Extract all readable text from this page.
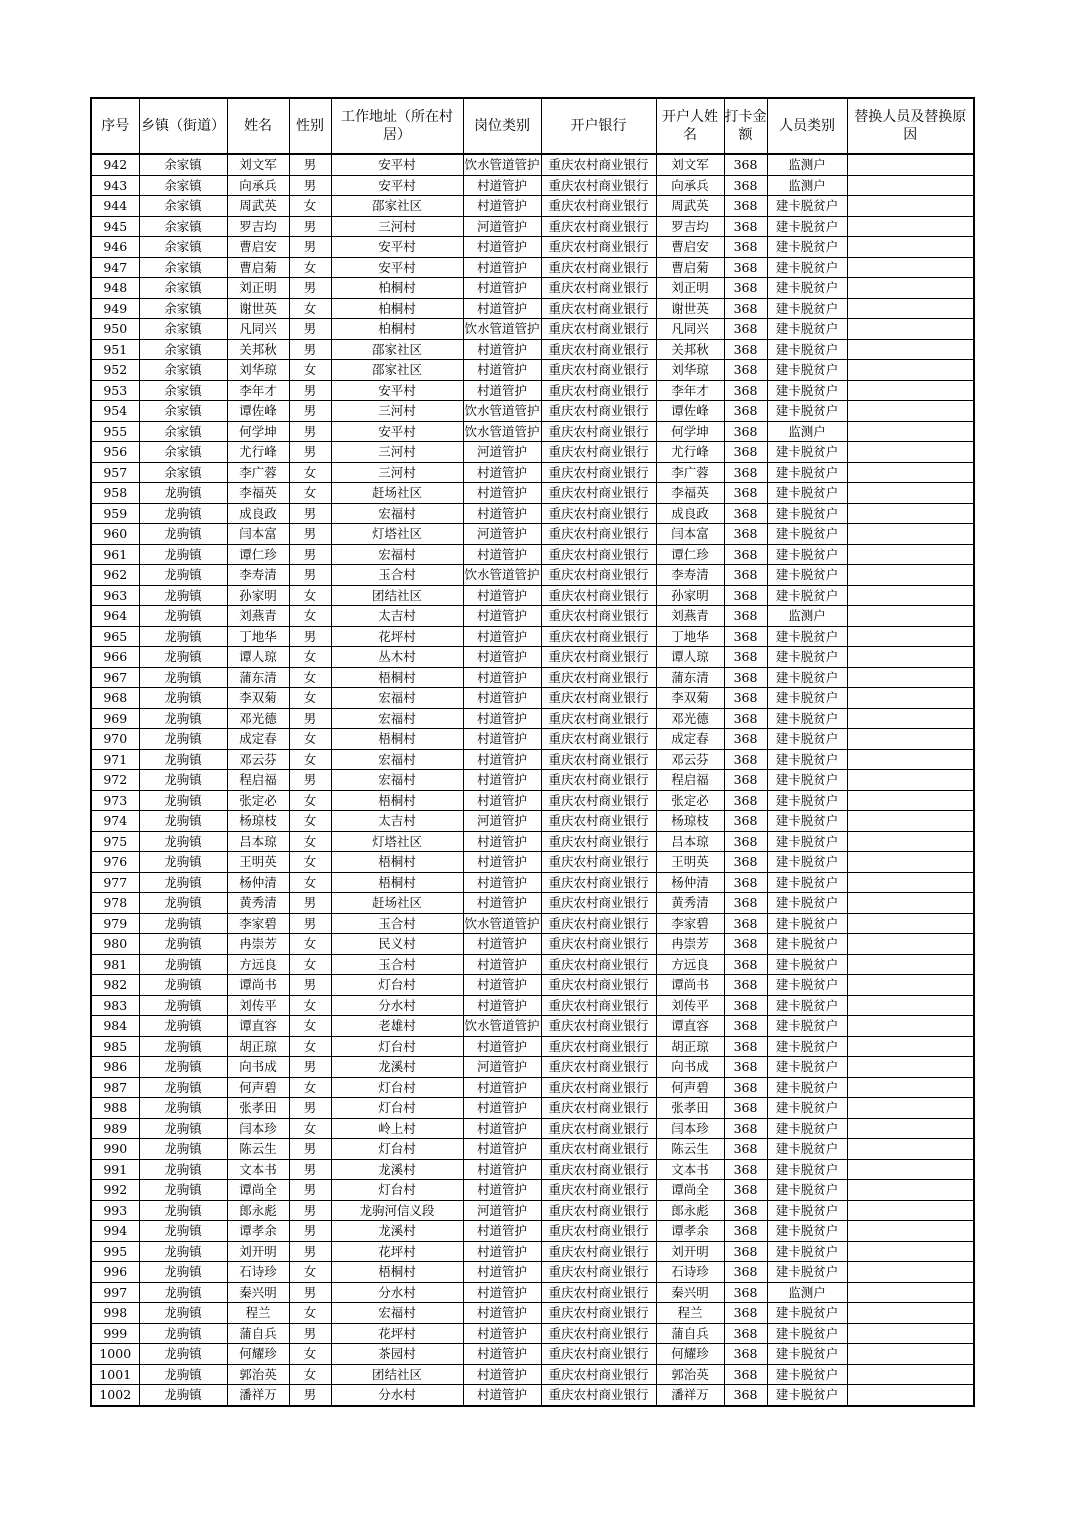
序号	乡镇（街道）	姓名	性别	工作地址（所在村居）	岗位类别	开户银行	开户人姓名	打卡金额	人员类别	替换人员及替换原因
942	余家镇	刘文军	男	安平村	饮水管道管护	重庆农村商业银行	刘文军	368	监测户	
943	余家镇	向承兵	男	安平村	村道管护	重庆农村商业银行	向承兵	368	监测户	
944	余家镇	周武英	女	邵家社区	村道管护	重庆农村商业银行	周武英	368	建卡脱贫户	
945	余家镇	罗吉均	男	三河村	河道管护	重庆农村商业银行	罗吉均	368	建卡脱贫户	
946	余家镇	曹启安	男	安平村	村道管护	重庆农村商业银行	曹启安	368	建卡脱贫户	
947	余家镇	曹启菊	女	安平村	村道管护	重庆农村商业银行	曹启菊	368	建卡脱贫户	
948	余家镇	刘正明	男	柏桐村	村道管护	重庆农村商业银行	刘正明	368	建卡脱贫户	
949	余家镇	谢世英	女	柏桐村	村道管护	重庆农村商业银行	谢世英	368	建卡脱贫户	
950	余家镇	凡同兴	男	柏桐村	饮水管道管护	重庆农村商业银行	凡同兴	368	建卡脱贫户	
951	余家镇	关邦秋	男	邵家社区	村道管护	重庆农村商业银行	关邦秋	368	建卡脱贫户	
952	余家镇	刘华琼	女	邵家社区	村道管护	重庆农村商业银行	刘华琼	368	建卡脱贫户	
953	余家镇	李年才	男	安平村	村道管护	重庆农村商业银行	李年才	368	建卡脱贫户	
954	余家镇	谭佐峰	男	三河村	饮水管道管护	重庆农村商业银行	谭佐峰	368	建卡脱贫户	
955	余家镇	何学坤	男	安平村	饮水管道管护	重庆农村商业银行	何学坤	368	监测户	
956	余家镇	尤行峰	男	三河村	河道管护	重庆农村商业银行	尤行峰	368	建卡脱贫户	
957	余家镇	李广蓉	女	三河村	村道管护	重庆农村商业银行	李广蓉	368	建卡脱贫户	
958	龙驹镇	李福英	女	赶场社区	村道管护	重庆农村商业银行	李福英	368	建卡脱贫户	
959	龙驹镇	成良政	男	宏福村	村道管护	重庆农村商业银行	成良政	368	建卡脱贫户	
960	龙驹镇	闫本富	男	灯塔社区	河道管护	重庆农村商业银行	闫本富	368	建卡脱贫户	
961	龙驹镇	谭仁珍	男	宏福村	村道管护	重庆农村商业银行	谭仁珍	368	建卡脱贫户	
962	龙驹镇	李寿清	男	玉合村	饮水管道管护	重庆农村商业银行	李寿清	368	建卡脱贫户	
963	龙驹镇	孙家明	女	团结社区	村道管护	重庆农村商业银行	孙家明	368	建卡脱贫户	
964	龙驹镇	刘燕青	女	太吉村	村道管护	重庆农村商业银行	刘燕青	368	监测户	
965	龙驹镇	丁地华	男	花坪村	村道管护	重庆农村商业银行	丁地华	368	建卡脱贫户	
966	龙驹镇	谭人琼	女	丛木村	村道管护	重庆农村商业银行	谭人琼	368	建卡脱贫户	
967	龙驹镇	蒲东清	女	梧桐村	村道管护	重庆农村商业银行	蒲东清	368	建卡脱贫户	
968	龙驹镇	李双菊	女	宏福村	村道管护	重庆农村商业银行	李双菊	368	建卡脱贫户	
969	龙驹镇	邓光德	男	宏福村	村道管护	重庆农村商业银行	邓光德	368	建卡脱贫户	
970	龙驹镇	成定春	女	梧桐村	村道管护	重庆农村商业银行	成定春	368	建卡脱贫户	
971	龙驹镇	邓云芬	女	宏福村	村道管护	重庆农村商业银行	邓云芬	368	建卡脱贫户	
972	龙驹镇	程启福	男	宏福村	村道管护	重庆农村商业银行	程启福	368	建卡脱贫户	
973	龙驹镇	张定必	女	梧桐村	村道管护	重庆农村商业银行	张定必	368	建卡脱贫户	
974	龙驹镇	杨琼枝	女	太吉村	河道管护	重庆农村商业银行	杨琼枝	368	建卡脱贫户	
975	龙驹镇	吕本琼	女	灯塔社区	村道管护	重庆农村商业银行	吕本琼	368	建卡脱贫户	
976	龙驹镇	王明英	女	梧桐村	村道管护	重庆农村商业银行	王明英	368	建卡脱贫户	
977	龙驹镇	杨仲清	女	梧桐村	村道管护	重庆农村商业银行	杨仲清	368	建卡脱贫户	
978	龙驹镇	黄秀清	男	赶场社区	村道管护	重庆农村商业银行	黄秀清	368	建卡脱贫户	
979	龙驹镇	李家碧	男	玉合村	饮水管道管护	重庆农村商业银行	李家碧	368	建卡脱贫户	
980	龙驹镇	冉崇芳	女	民义村	村道管护	重庆农村商业银行	冉崇芳	368	建卡脱贫户	
981	龙驹镇	方远良	女	玉合村	村道管护	重庆农村商业银行	方远良	368	建卡脱贫户	
982	龙驹镇	谭尚书	男	灯台村	村道管护	重庆农村商业银行	谭尚书	368	建卡脱贫户	
983	龙驹镇	刘传平	女	分水村	村道管护	重庆农村商业银行	刘传平	368	建卡脱贫户	
984	龙驹镇	谭直容	女	老雄村	饮水管道管护	重庆农村商业银行	谭直容	368	建卡脱贫户	
985	龙驹镇	胡正琼	女	灯台村	村道管护	重庆农村商业银行	胡正琼	368	建卡脱贫户	
986	龙驹镇	向书成	男	龙溪村	河道管护	重庆农村商业银行	向书成	368	建卡脱贫户	
987	龙驹镇	何声碧	女	灯台村	村道管护	重庆农村商业银行	何声碧	368	建卡脱贫户	
988	龙驹镇	张孝田	男	灯台村	村道管护	重庆农村商业银行	张孝田	368	建卡脱贫户	
989	龙驹镇	闫本珍	女	岭上村	村道管护	重庆农村商业银行	闫本珍	368	建卡脱贫户	
990	龙驹镇	陈云生	男	灯台村	村道管护	重庆农村商业银行	陈云生	368	建卡脱贫户	
991	龙驹镇	文本书	男	龙溪村	村道管护	重庆农村商业银行	文本书	368	建卡脱贫户	
992	龙驹镇	谭尚全	男	灯台村	村道管护	重庆农村商业银行	谭尚全	368	建卡脱贫户	
993	龙驹镇	郎永彪	男	龙驹河信义段	河道管护	重庆农村商业银行	郎永彪	368	建卡脱贫户	
994	龙驹镇	谭孝余	男	龙溪村	村道管护	重庆农村商业银行	谭孝余	368	建卡脱贫户	
995	龙驹镇	刘开明	男	花坪村	村道管护	重庆农村商业银行	刘开明	368	建卡脱贫户	
996	龙驹镇	石诗珍	女	梧桐村	村道管护	重庆农村商业银行	石诗珍	368	建卡脱贫户	
997	龙驹镇	秦兴明	男	分水村	村道管护	重庆农村商业银行	秦兴明	368	监测户	
998	龙驹镇	程兰	女	宏福村	村道管护	重庆农村商业银行	程兰	368	建卡脱贫户	
999	龙驹镇	蒲自兵	男	花坪村	村道管护	重庆农村商业银行	蒲自兵	368	建卡脱贫户	
1000	龙驹镇	何耀珍	女	茶园村	村道管护	重庆农村商业银行	何耀珍	368	建卡脱贫户	
1001	龙驹镇	郭治英	女	团结社区	村道管护	重庆农村商业银行	郭治英	368	建卡脱贫户	
1002	龙驹镇	潘祥万	男	分水村	村道管护	重庆农村商业银行	潘祥万	368	建卡脱贫户	
